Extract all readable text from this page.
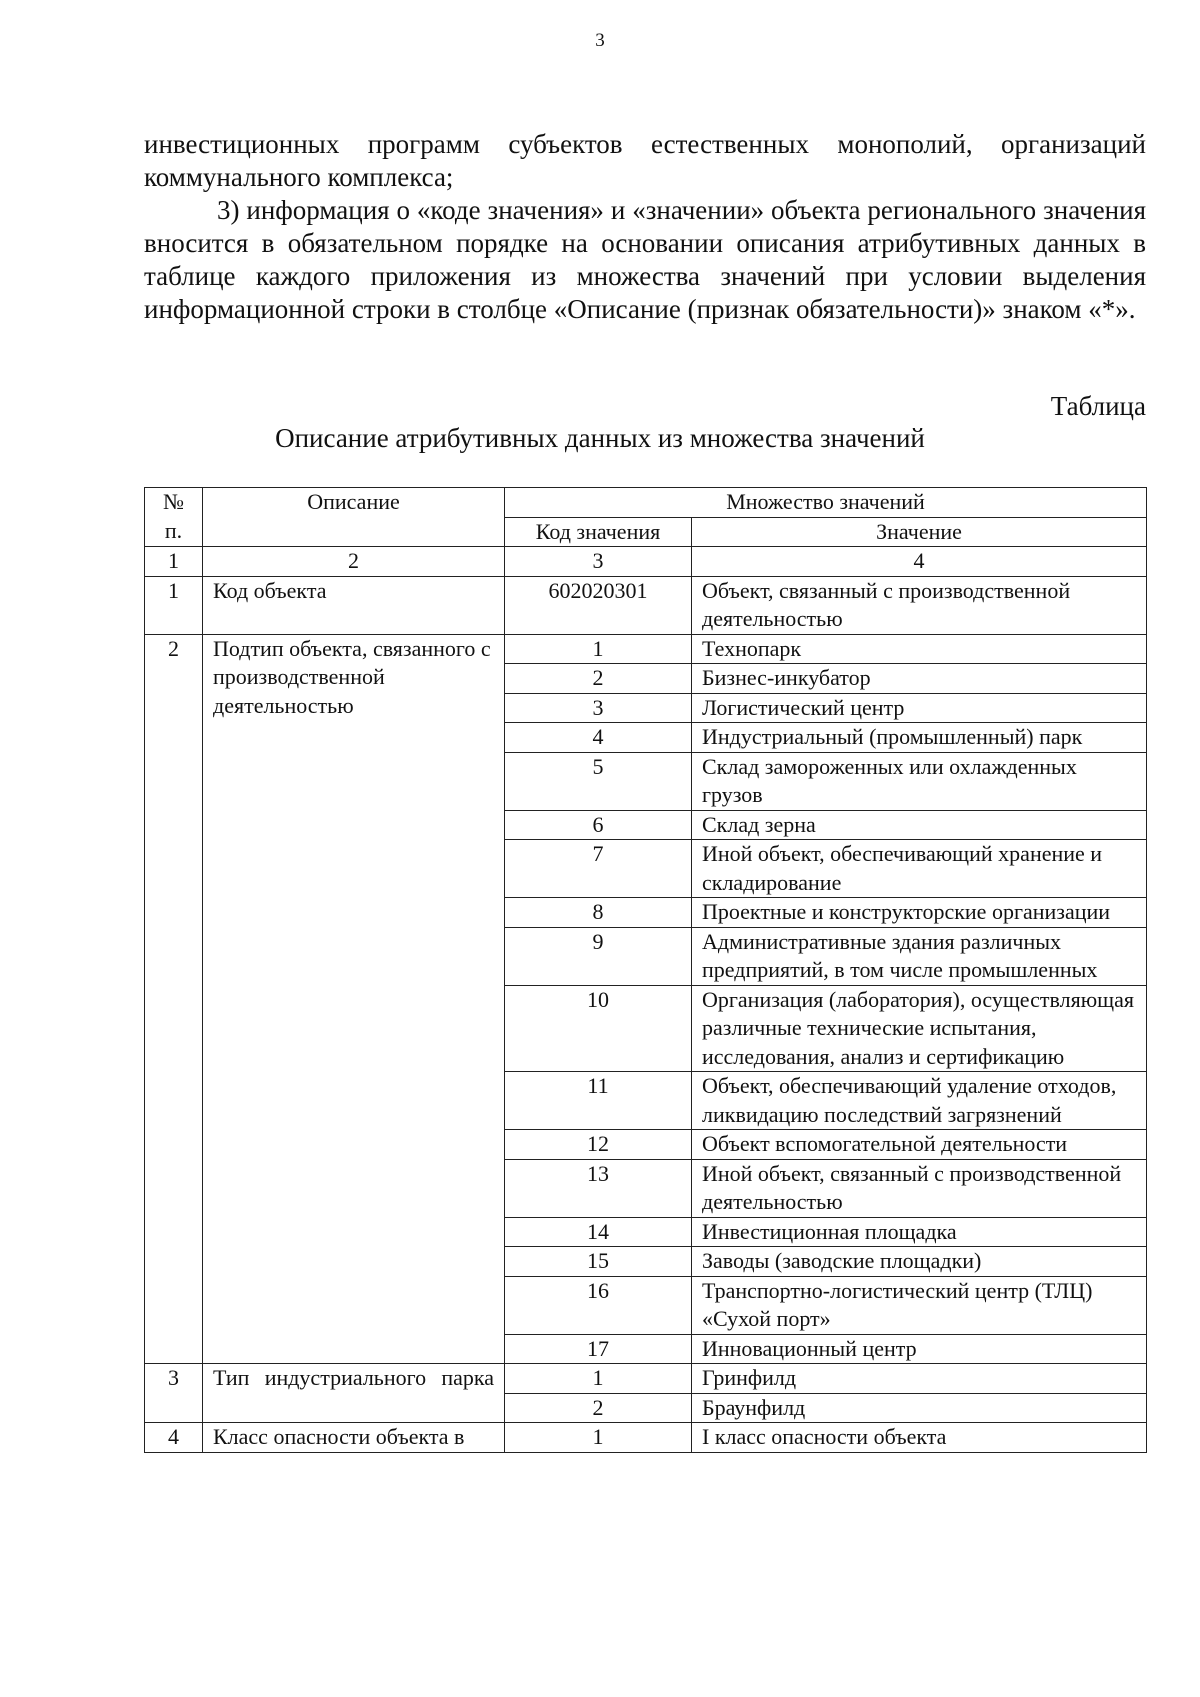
3

инвестиционных программ субъектов естественных монополий, организаций коммунального комплекса;

3) информация о «коде значения» и «значении» объекта регионального значения вносится в обязательном порядке на основании описания атрибутивных данных в таблице каждого приложения из множества значений при условии выделения информационной строки в столбце «Описание (признак обязательности)» знаком «*».

Таблица
Описание атрибутивных данных из множества значений
№ п.	Описание	Множество значений	
		Код значения	Значение
1	2	3	4
1	Код объекта	602020301	Объект, связанный с производственной деятельностью
2	Подтип объекта, связанного с производственной деятельностью	1	Технопарк
		2	Бизнес-инкубатор
		3	Логистический центр
		4	Индустриальный (промышленный) парк
		5	Склад замороженных или охлажденных грузов
		6	Склад зерна
		7	Иной объект, обеспечивающий хранение и складирование
		8	Проектные и конструкторские организации
		9	Административные здания различных предприятий, в том числе промышленных
		10	Организация (лаборатория), осуществляющая различные технические испытания, исследования, анализ и сертификацию
		11	Объект, обеспечивающий удаление отходов, ликвидацию последствий загрязнений
		12	Объект вспомогательной деятельности
		13	Иной объект, связанный с производственной деятельностью
		14	Инвестиционная площадка
		15	Заводы (заводские площадки)
		16	Транспортно-логистический центр (ТЛЦ) «Сухой порт»
		17	Инновационный центр
3	Тип индустриального парка	1	Гринфилд
		2	Браунфилд
4	Класс опасности объекта в	1	I класс опасности объекта
